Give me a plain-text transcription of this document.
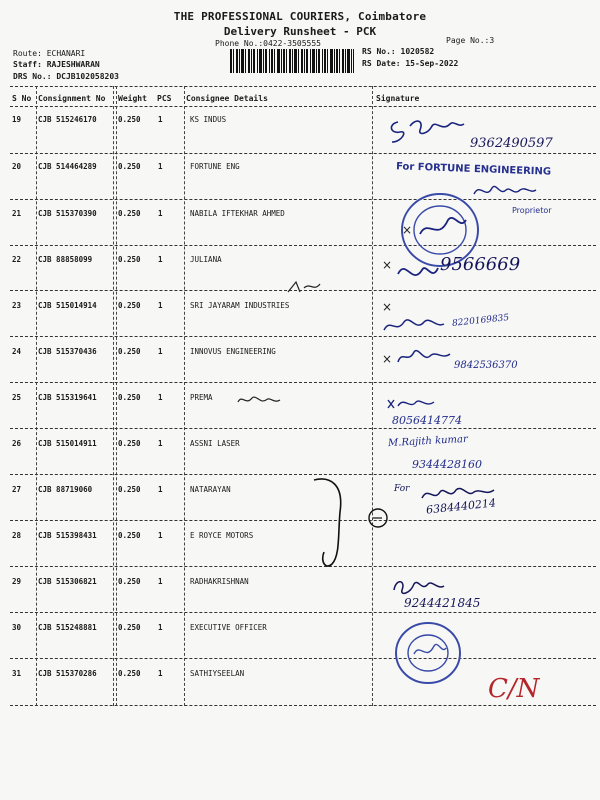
THE PROFESSIONAL COURIERS, Coimbatore
Delivery Runsheet - PCK
Phone No.:0422-3505555	Page No.:3
Route: ECHANARI
Staff: RAJESHWARAN
DRS No.: DCJB102058203
RS No.: 1020582
RS Date: 15-Sep-2022
S No Consignment No Weight PCS Consignee Details	Signature
19 CJB 515246170	0.250 1	KS INDUS
20 CJB 514464289	0.250 1	FORTUNE ENG
21 CJB 515370390	0.250 1	NABILA IFTEKHAR AHMED
22 CJB 88858099	0.250 1	JULIANA
23 CJB 515014914	0.250 1	SRI JAYARAM INDUSTRIES
24 CJB 515370436	0.250 1	INNOVUS ENGINEERING
25 CJB 515319641	0.250 1	PREMA
26 CJB 515014911	0.250 1	ASSNI LASER
27 CJB 88719060	0.250 1	NATARAYAN
28 CJB 515398431	0.250 1	E ROYCE MOTORS
29 CJB 515306821	0.250 1	RADHAKRISHNAN
30 CJB 515248881	0.250 1	EXECUTIVE OFFICER
31 CJB 515370286	0.250 1	SATHIYSEELAN
9362490597
For FORTUNE ENGINEERING
Proprietor
×
×	9566669
×
8220169835
×	9842536370
8056414774
M.Rajith kumar
9344428160
For
6384440214
9244421845
C/N
